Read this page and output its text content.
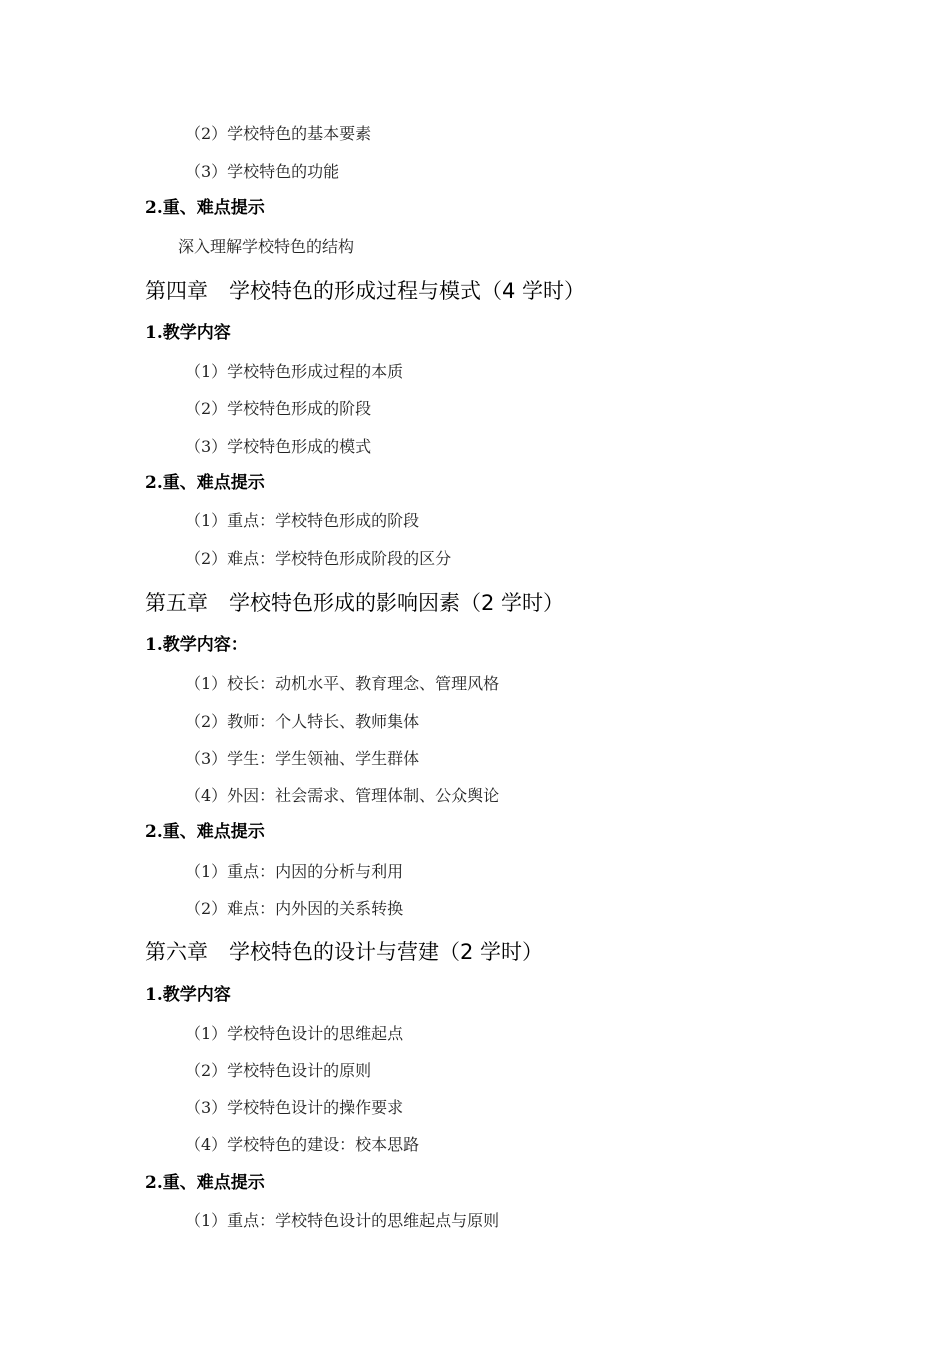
（2）学校特色的基本要素
（3）学校特色的功能
2.重、难点提示
深入理解学校特色的结构
第四章　学校特色的形成过程与模式（4 学时）
1.教学内容
（1）学校特色形成过程的本质
（2）学校特色形成的阶段
（3）学校特色形成的模式
2.重、难点提示
（1）重点：学校特色形成的阶段
（2）难点：学校特色形成阶段的区分
第五章　学校特色形成的影响因素（2 学时）
1.教学内容：
（1）校长：动机水平、教育理念、管理风格
（2）教师：个人特长、教师集体
（3）学生：学生领袖、学生群体
（4）外因：社会需求、管理体制、公众舆论
2.重、难点提示
（1）重点：内因的分析与利用
（2）难点：内外因的关系转换
第六章　学校特色的设计与营建（2 学时）
1.教学内容
（1）学校特色设计的思维起点
（2）学校特色设计的原则
（3）学校特色设计的操作要求
（4）学校特色的建设：校本思路
2.重、难点提示
（1）重点：学校特色设计的思维起点与原则
